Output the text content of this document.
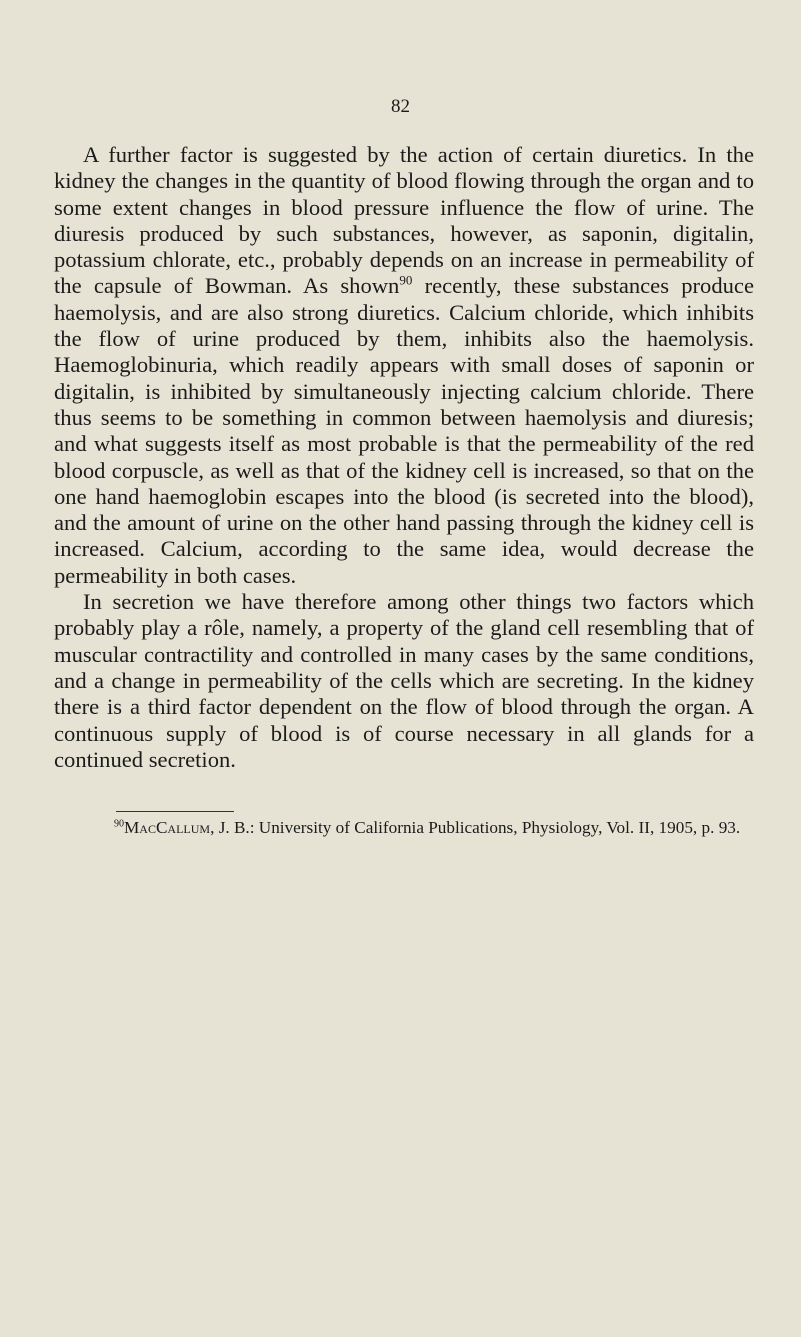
82

A further factor is suggested by the action of certain diuretics. In the kidney the changes in the quantity of blood flowing through the organ and to some extent changes in blood pressure influence the flow of urine. The diuresis produced by such substances, however, as saponin, digitalin, potassium chlorate, etc., probably depends on an increase in permeability of the capsule of Bowman. As shown$^{90}$ recently, these substances produce haemolysis, and are also strong diuretics. Calcium chloride, which inhibits the flow of urine produced by them, inhibits also the haemolysis. Haemoglobinuria, which readily appears with small doses of saponin or digitalin, is inhibited by simultaneously injecting calcium chloride. There thus seems to be something in common between haemolysis and diuresis; and what suggests itself as most probable is that the permeability of the red blood corpuscle, as well as that of the kidney cell is increased, so that on the one hand haemoglobin escapes into the blood (is secreted into the blood), and the amount of urine on the other hand passing through the kidney cell is increased. Calcium, according to the same idea, would decrease the permeability in both cases.

In secretion we have therefore among other things two factors which probably play a rôle, namely, a property of the gland cell resembling that of muscular contractility and controlled in many cases by the same conditions, and a change in permeability of the cells which are secreting. In the kidney there is a third factor dependent on the flow of blood through the organ. A continuous supply of blood is of course necessary in all glands for a continued secretion.

$^{90}$MacCallum, J. B.: University of California Publications, Physiology, Vol. II, 1905, p. 93.
